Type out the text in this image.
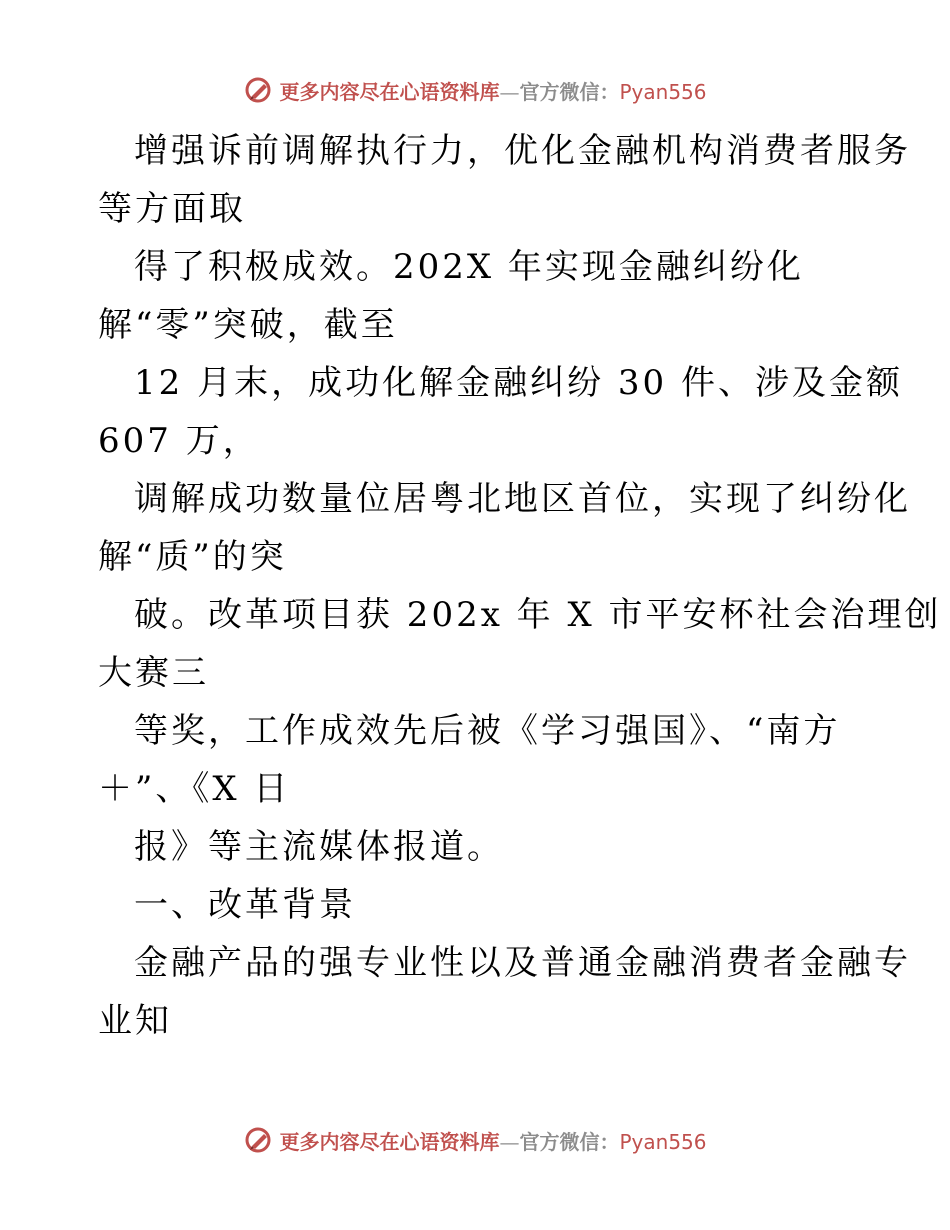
更多内容尽在心语资料库—官方微信：Pyan556
增强诉前调解执行力，优化金融机构消费者服务
等方面取
得了积极成效。202X 年实现金融纠纷化
解“零”突破，截至
12 月末，成功化解金融纠纷 30 件、涉及金额
607 万，
调解成功数量位居粤北地区首位，实现了纠纷化
解“质”的突
破。改革项目获 202x 年 X 市平安杯社会治理创
大赛三
等奖，工作成效先后被《学习强国》、“南方
＋”、《X 日
报》等主流媒体报道。
一、改革背景
金融产品的强专业性以及普通金融消费者金融专
业知
更多内容尽在心语资料库—官方微信：Pyan556
